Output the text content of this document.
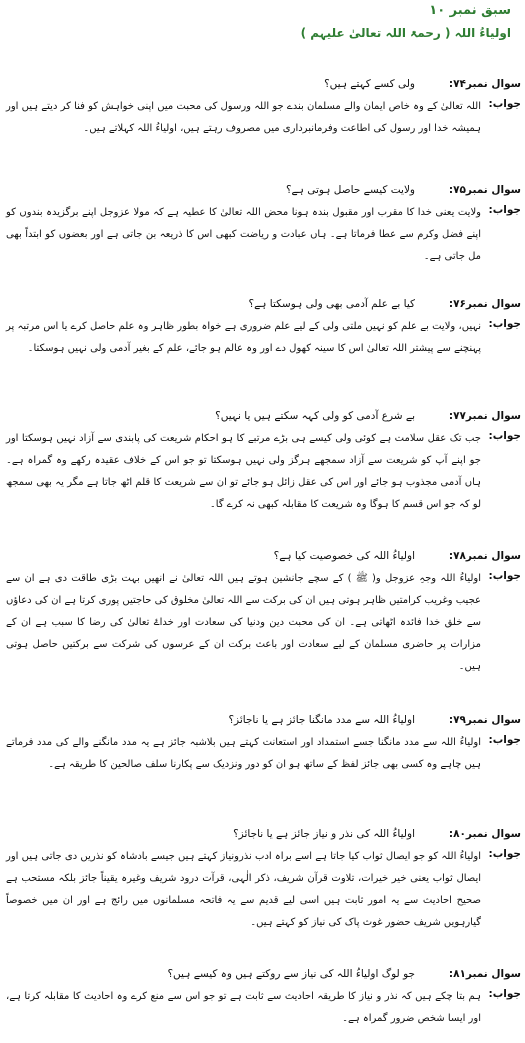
سبق نمبر ۱۰
اولیاءُ اللہ ( رحمۃ اللہ تعالیٰ علیہم )
سوال نمبر۷۴:
ولی کسے کہتے ہیں؟
جواب:
اللہ تعالیٰ کے وہ خاص ایمان والے مسلمان بندے جو اللہ ورسول کی محبت میں اپنی خواہش کو فنا کر دیتے ہیں اور ہمیشہ خدا اور رسول کی اطاعت وفرمانبرداری میں مصروف رہتے ہیں، اولیاءُ اللہ کہلاتے ہیں۔
سوال نمبر۷۵:
ولایت کیسے حاصل ہوتی ہے؟
جواب:
ولایت یعنی خدا کا مقرب اور مقبول بندہ ہونا محض اللہ تعالیٰ کا عطیہ ہے کہ مولا عزوجل اپنے برگزیدہ بندوں کو اپنے فضل وکرم سے عطا فرماتا ہے۔ ہاں عبادت و ریاضت کبھی اس کا ذریعہ بن جاتی ہے اور بعضوں کو ابتداً بھی مل جاتی ہے۔
سوال نمبر۷۶:
کیا بے علم آدمی بھی ولی ہوسکتا ہے؟
جواب:
نہیں، ولایت بے علم کو نہیں ملتی ولی کے لیے علم ضروری ہے خواہ بطور ظاہر وہ علم حاصل کرے یا اس مرتبہ پر پہنچنے سے پیشتر اللہ تعالیٰ اس کا سینہ کھول دے اور وہ عالم ہو جائے، علم کے بغیر آدمی ولی نہیں ہوسکتا۔
سوال نمبر۷۷:
بے شرع آدمی کو ولی کہہ سکتے ہیں یا نہیں؟
جواب:
جب تک عقل سلامت ہے کوئی ولی کیسے ہی بڑے مرتبے کا ہو احکام شریعت کی پابندی سے آزاد نہیں ہوسکتا اور جو اپنے آپ کو شریعت سے آزاد سمجھے ہرگز ولی نہیں ہوسکتا تو جو اس کے خلاف عقیدہ رکھے وہ گمراہ ہے۔ ہاں آدمی مجذوب ہو جائے اور اس کی عقل زائل ہو جائے تو ان سے شریعت کا قلم اٹھ جاتا ہے مگر یہ بھی سمجھ لو کہ جو اس قسم کا ہوگا وہ شریعت کا مقابلہ کبھی نہ کرے گا۔
سوال نمبر۷۸:
اولیاءُ اللہ کی خصوصیت کیا ہے؟
جواب:
اولیاءُ اللہ وجہِ عزوجل و( ﷺ ) کے سچے جانشین ہوتے ہیں اللہ تعالیٰ نے انھیں بہت بڑی طاقت دی ہے ان سے عجیب وغریب کرامتیں ظاہر ہوتی ہیں ان کی برکت سے اللہ تعالیٰ مخلوق کی حاجتیں پوری کرتا ہے ان کی دعاؤں سے خلق خدا فائدہ اٹھاتی ہے۔ ان کی محبت دین ودنیا کی سعادت اور خداۓ تعالیٰ کی رضا کا سبب ہے ان کے مزارات پر حاضری مسلمان کے لیے سعادت اور باعث برکت ان کے عرسوں کی شرکت سے برکتیں حاصل ہوتی ہیں۔
سوال نمبر۷۹:
اولیاءُ اللہ سے مدد مانگنا جائز ہے یا ناجائز؟
جواب:
اولیاءُ اللہ سے مدد مانگنا جسے استمداد اور استعانت کہتے ہیں بلاشبہ جائز ہے یہ مدد مانگنے والے کی مدد فرماتے ہیں چاہے وہ کسی بھی جائز لفظ کے ساتھ ہو ان کو دور ونزدیک سے پکارنا سلف صالحین کا طریقہ ہے۔
سوال نمبر۸۰:
اولیاءُ اللہ کی نذر و نیاز جائز ہے یا ناجائز؟
جواب:
اولیاءُ اللہ کو جو ایصال ثواب کیا جاتا ہے اسے براہ ادب نذرونیاز کہتے ہیں جیسے بادشاہ کو نذریں دی جاتی ہیں اور ایصال ثواب یعنی خیر خیرات، تلاوت قرآن شریف، ذکر الٰہی، قرآت درود شریف وغیرہ یقیناً جائز بلکہ مستحب ہے صحیح احادیث سے یہ امور ثابت ہیں اسی لیے قدیم سے یہ فاتحہ مسلمانوں میں رائج ہے اور ان میں خصوصاً گیارہویں شریف حضور غوث پاک کی نیاز کو کہتے ہیں۔
سوال نمبر۸۱:
جو لوگ اولیاءُ اللہ کی نیاز سے روکتے ہیں وہ کیسے ہیں؟
جواب:
ہم بتا چکے ہیں کہ نذر و نیاز کا طریقہ احادیث سے ثابت ہے تو جو اس سے منع کرے وہ احادیث کا مقابلہ کرتا ہے، اور ایسا شخص ضرور گمراہ ہے۔
